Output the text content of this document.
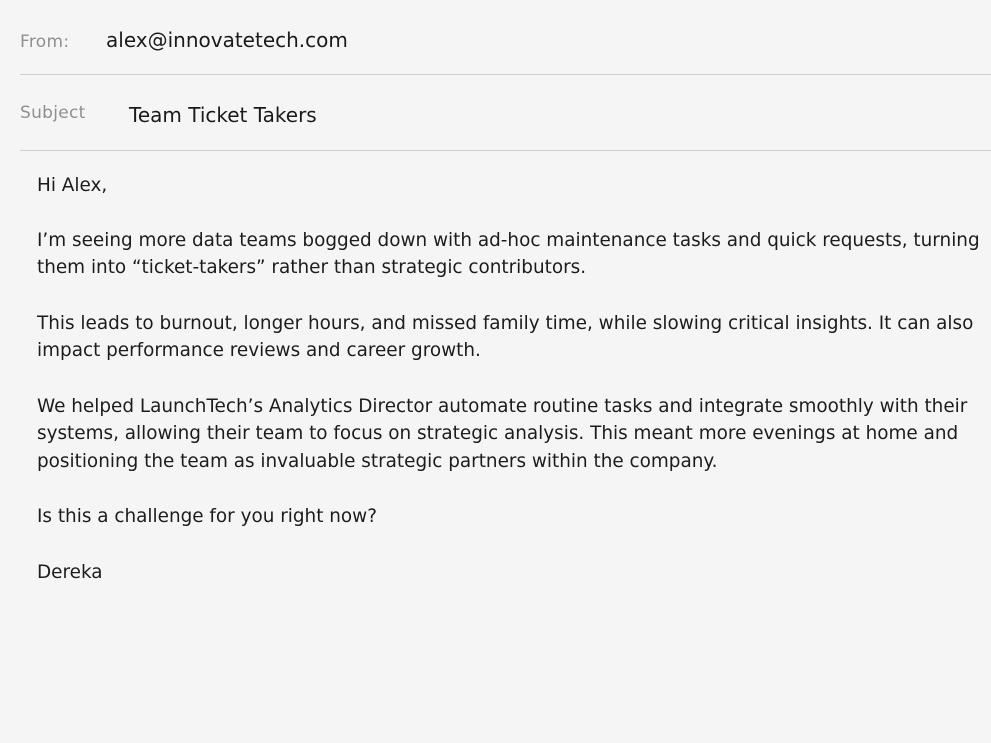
From: alex@innovatetech.com
Subject Team Ticket Takers

Hi Alex,

I’m seeing more data teams bogged down with ad-hoc maintenance tasks and quick requests, turning them into “ticket-takers” rather than strategic contributors.

This leads to burnout, longer hours, and missed family time, while slowing critical insights. It can also impact performance reviews and career growth.

We helped LaunchTech’s Analytics Director automate routine tasks and integrate smoothly with their systems, allowing their team to focus on strategic analysis. This meant more evenings at home and positioning the team as invaluable strategic partners within the company.

Is this a challenge for you right now?

Dereka
